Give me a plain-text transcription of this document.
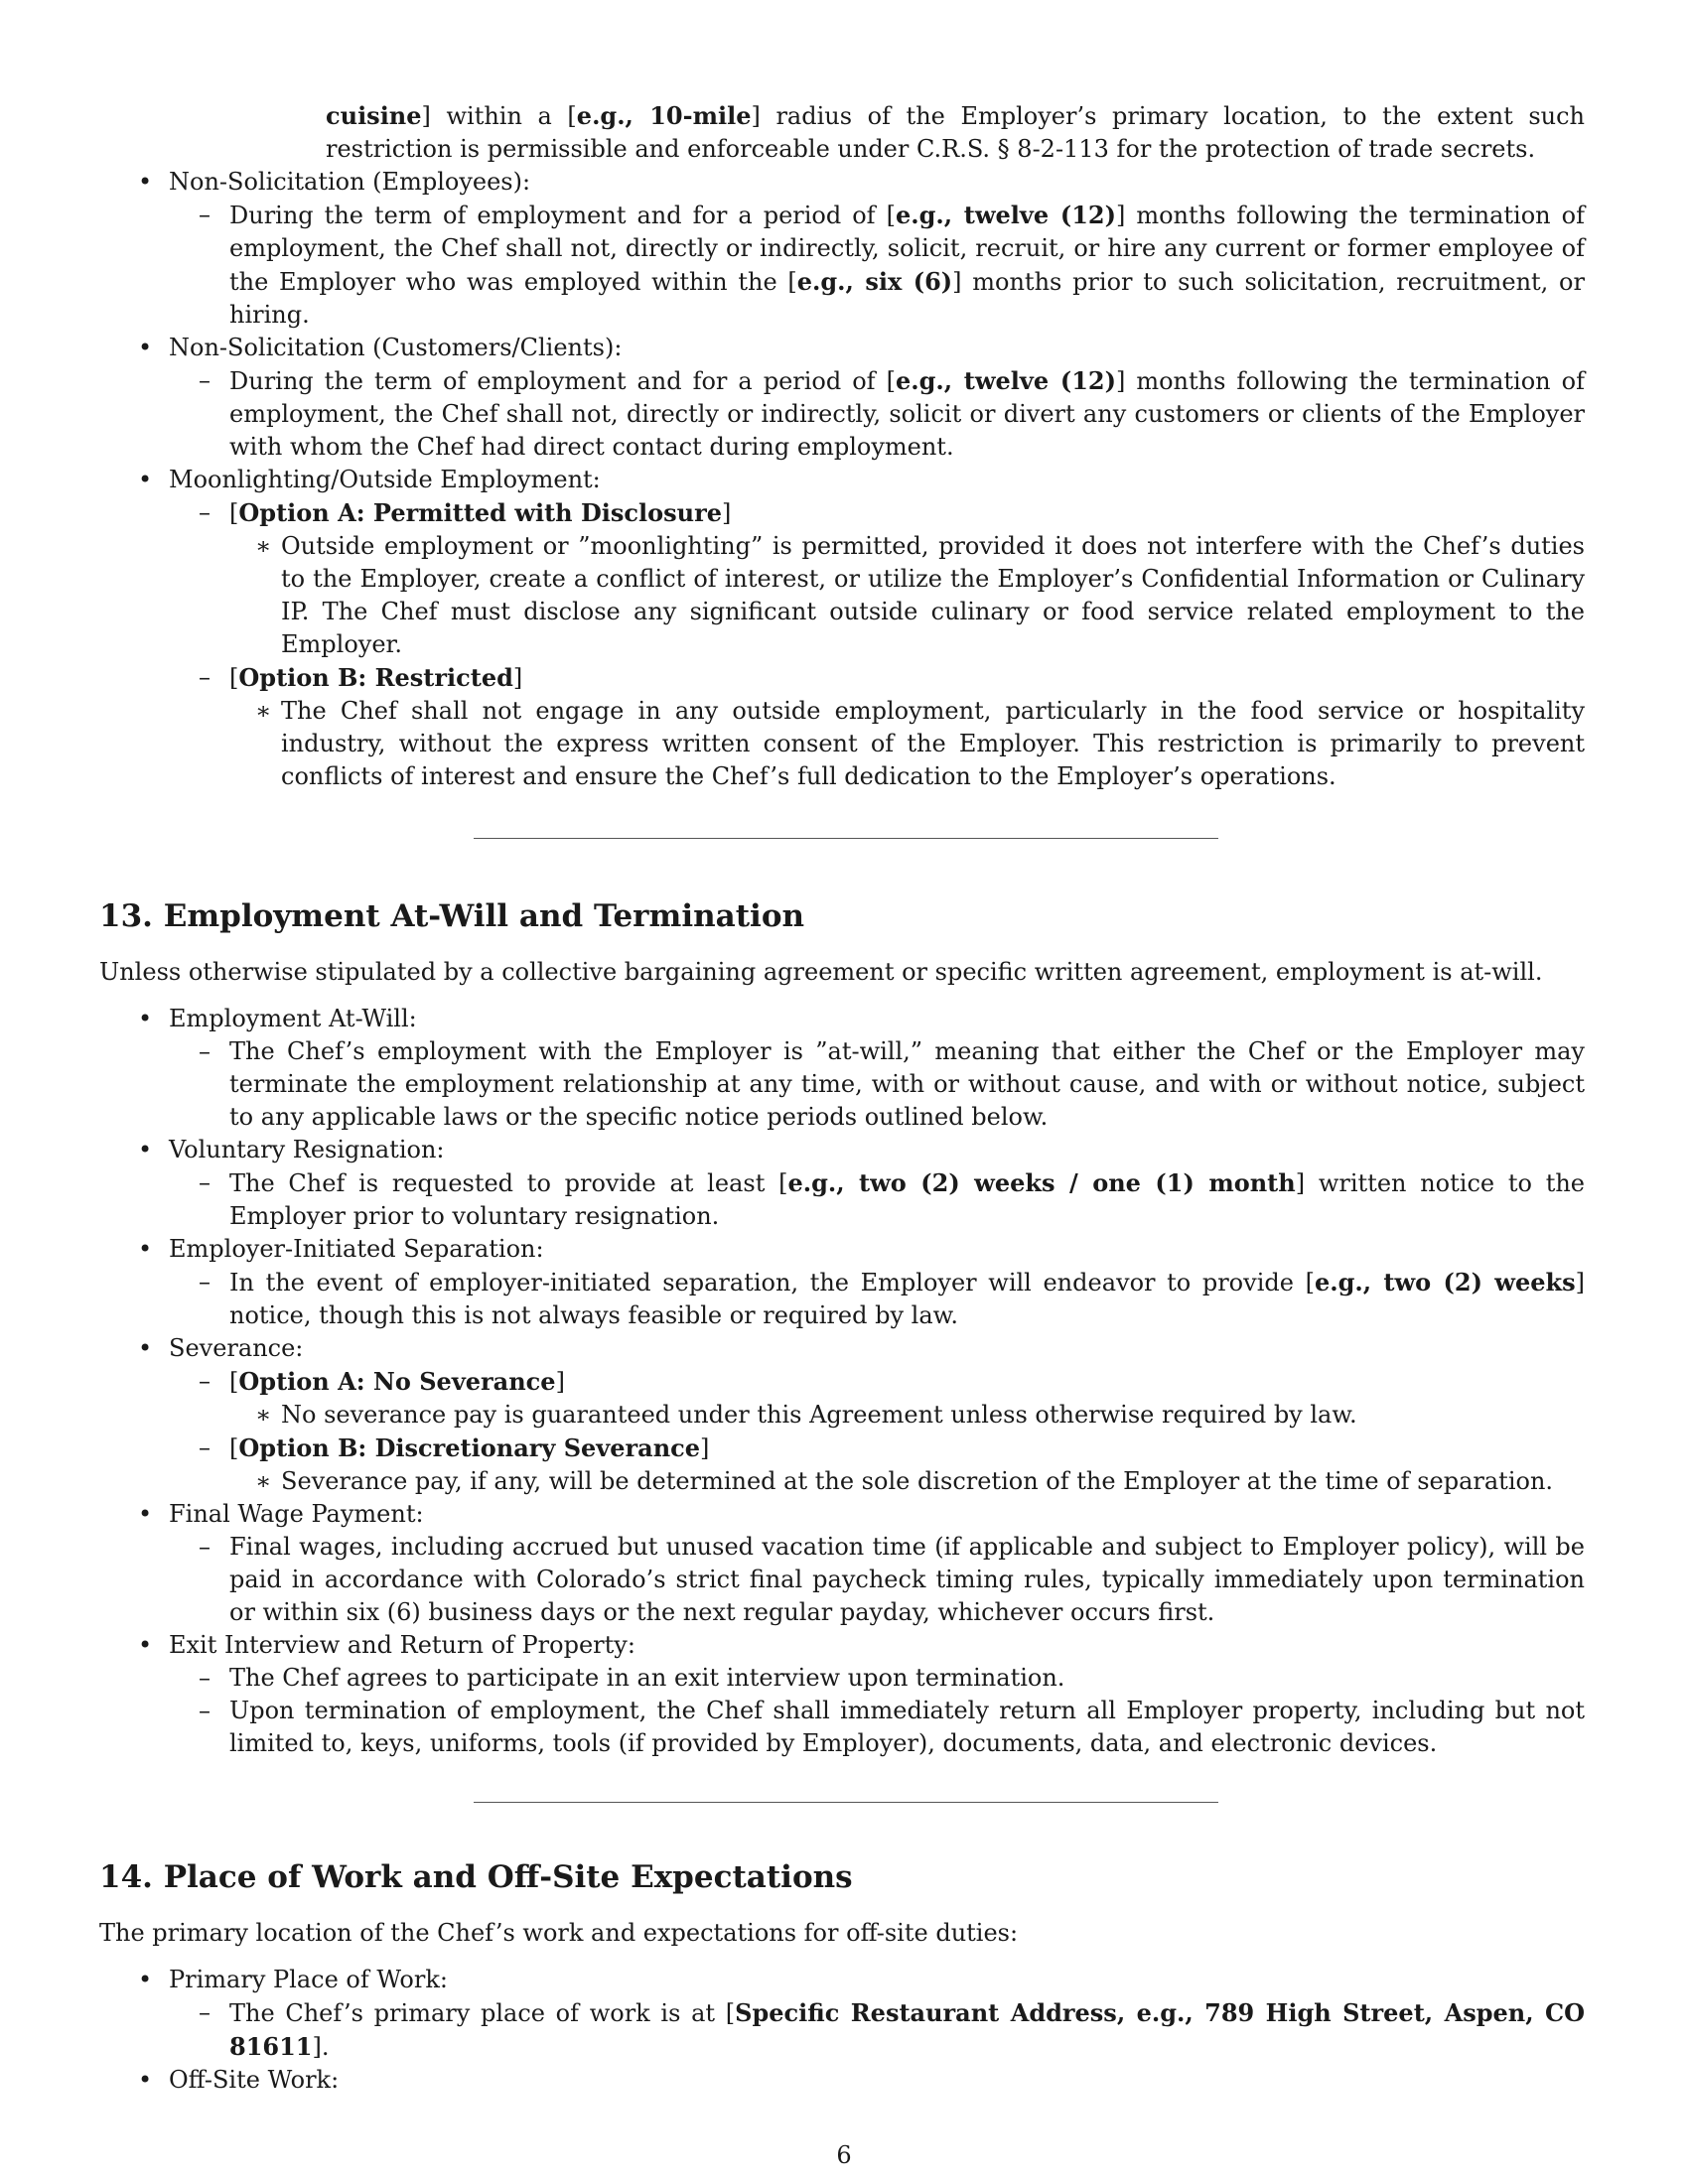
cuisine] within a [e.g., 10-mile] radius of the Employer’s primary location, to the extent such restriction is permissible and enforceable under C.R.S. § 8-2-113 for the protection of trade secrets.
• Non-Solicitation (Employees):
– During the term of employment and for a period of [e.g., twelve (12)] months following the termination of employment, the Chef shall not, directly or indirectly, solicit, recruit, or hire any current or former employee of the Employer who was employed within the [e.g., six (6)] months prior to such solicitation, recruitment, or hiring.
• Non-Solicitation (Customers/Clients):
– During the term of employment and for a period of [e.g., twelve (12)] months following the termination of employment, the Chef shall not, directly or indirectly, solicit or divert any customers or clients of the Employer with whom the Chef had direct contact during employment.
• Moonlighting/Outside Employment:
– [Option A: Permitted with Disclosure]
∗ Outside employment or ”moonlighting” is permitted, provided it does not interfere with the Chef’s duties to the Employer, create a conflict of interest, or utilize the Employer’s Confidential Information or Culinary IP. The Chef must disclose any significant outside culinary or food service related employment to the Employer.
– [Option B: Restricted]
∗ The Chef shall not engage in any outside employment, particularly in the food service or hospitality industry, without the express written consent of the Employer. This restriction is primarily to prevent conflicts of interest and ensure the Chef’s full dedication to the Employer’s operations.
13. Employment At-Will and Termination

Unless otherwise stipulated by a collective bargaining agreement or specific written agreement, employment is at-will.

• Employment At-Will:
– The Chef’s employment with the Employer is ”at-will,” meaning that either the Chef or the Employer may terminate the employment relationship at any time, with or without cause, and with or without notice, subject to any applicable laws or the specific notice periods outlined below.
• Voluntary Resignation:
– The Chef is requested to provide at least [e.g., two (2) weeks / one (1) month] written notice to the Employer prior to voluntary resignation.
• Employer-Initiated Separation:
– In the event of employer-initiated separation, the Employer will endeavor to provide [e.g., two (2) weeks] notice, though this is not always feasible or required by law.
• Severance:
– [Option A: No Severance]
∗ No severance pay is guaranteed under this Agreement unless otherwise required by law.
– [Option B: Discretionary Severance]
∗ Severance pay, if any, will be determined at the sole discretion of the Employer at the time of separation.
• Final Wage Payment:
– Final wages, including accrued but unused vacation time (if applicable and subject to Employer policy), will be paid in accordance with Colorado’s strict final paycheck timing rules, typically immediately upon termination or within six (6) business days or the next regular payday, whichever occurs first.
• Exit Interview and Return of Property:
– The Chef agrees to participate in an exit interview upon termination.
– Upon termination of employment, the Chef shall immediately return all Employer property, including but not limited to, keys, uniforms, tools (if provided by Employer), documents, data, and electronic devices.
14. Place of Work and Off-Site Expectations

The primary location of the Chef’s work and expectations for off-site duties:

• Primary Place of Work:
– The Chef’s primary place of work is at [Specific Restaurant Address, e.g., 789 High Street, Aspen, CO 81611].
• Off-Site Work:
6
